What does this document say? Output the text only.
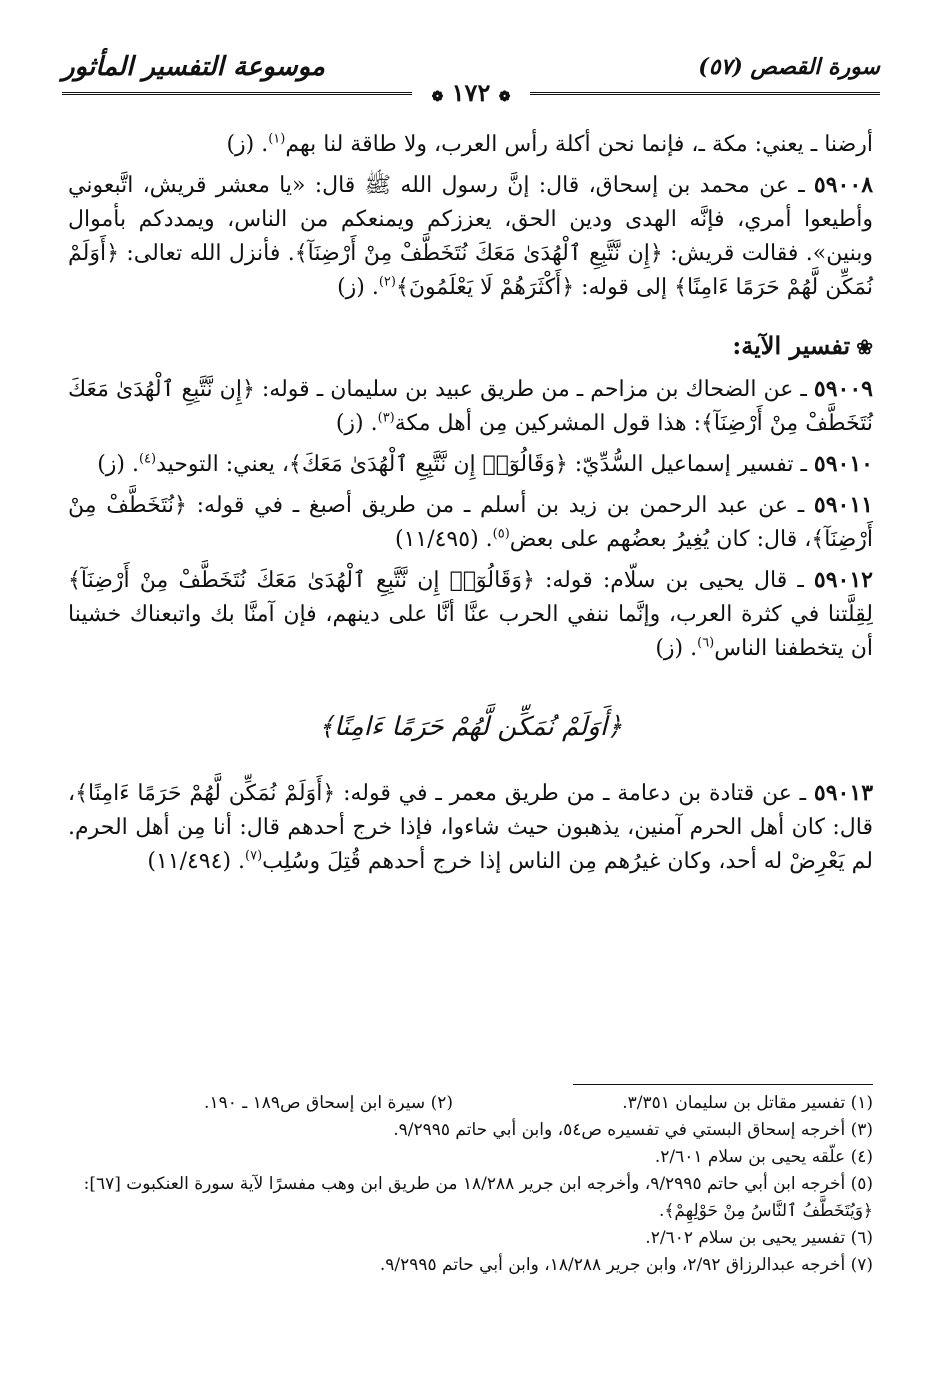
سورة القصص (٥٧)
موسوعة التفسير المأثور
❁ ١٧٢ ❁

أرضنا ـ يعني: مكة ـ، فإنما نحن أكلة رأس العرب، ولا طاقة لنا بهم$^{(١)}$. (ز)

٥٩٠٠٨ ـ عن محمد بن إسحاق، قال: إنَّ رسول الله ﷺ قال: «يا معشر قريش، اتَّبعوني وأطيعوا أمري، فإنَّه الهدى ودين الحق، يعززكم ويمنعكم من الناس، ويمددكم بأموال وبنين». فقالت قريش: ﴿إِن نَّتَّبِعِ ٱلْهُدَىٰ مَعَكَ نُتَخَطَّفْ مِنْ أَرْضِنَآ﴾. فأنزل الله تعالى: ﴿أَوَلَمْ نُمَكِّن لَّهُمْ حَرَمًا ءَامِنًا﴾ إلى قوله: ﴿أَكْثَرَهُمْ لَا يَعْلَمُونَ﴾$^{(٢)}$. (ز)

❀تفسير الآية:

٥٩٠٠٩ ـ عن الضحاك بن مزاحم ـ من طريق عبيد بن سليمان ـ قوله: ﴿إِن نَّتَّبِعِ ٱلْهُدَىٰ مَعَكَ نُتَخَطَّفْ مِنْ أَرْضِنَآ﴾: هذا قول المشركين مِن أهل مكة$^{(٣)}$. (ز)

٥٩٠١٠ ـ تفسير إسماعيل السُّدِّيّ: ﴿وَقَالُوٓا۟ إِن نَّتَّبِعِ ٱلْهُدَىٰ مَعَكَ﴾، يعني: التوحيد$^{(٤)}$. (ز)

٥٩٠١١ ـ عن عبد الرحمن بن زيد بن أسلم ـ من طريق أصبغ ـ في قوله: ﴿نُتَخَطَّفْ مِنْ أَرْضِنَآ﴾، قال: كان يُغِيرُ بعضُهم على بعض$^{(٥)}$. (١١/٤٩٥)

٥٩٠١٢ ـ قال يحيى بن سلّام: قوله: ﴿وَقَالُوٓا۟ إِن نَّتَّبِعِ ٱلْهُدَىٰ مَعَكَ نُتَخَطَّفْ مِنْ أَرْضِنَآ﴾ لِقِلَّتنا في كثرة العرب، وإنَّما ننفي الحرب عنَّا أنَّا على دينهم، فإن آمنَّا بك واتبعناك خشينا أن يتخطفنا الناس$^{(٦)}$. (ز)

﴿أَوَلَمْ نُمَكِّن لَّهُمْ حَرَمًا ءَامِنًا﴾

٥٩٠١٣ ـ عن قتادة بن دعامة ـ من طريق معمر ـ في قوله: ﴿أَوَلَمْ نُمَكِّن لَّهُمْ حَرَمًا ءَامِنًا﴾، قال: كان أهل الحرم آمنين، يذهبون حيث شاءوا، فإذا خرج أحدهم قال: أنا مِن أهل الحرم. لم يَعْرِضْ له أحد، وكان غيرُهم مِن الناس إذا خرج أحدهم قُتِلَ وسُلِب$^{(٧)}$. (١١/٤٩٤)

(١) تفسير مقاتل بن سليمان ٣/٣٥١.

(٢) سيرة ابن إسحاق ص١٨٩ ـ ١٩٠.

(٣) أخرجه إسحاق البستي في تفسيره ص٥٤، وابن أبي حاتم ٩/٢٩٩٥.

(٤) علّقه يحيى بن سلام ٢/٦٠١.

(٥) أخرجه ابن أبي حاتم ٩/٢٩٩٥، وأخرجه ابن جرير ١٨/٢٨٨ من طريق ابن وهب مفسرًا لآية سورة العنكبوت [٦٧]: ﴿وَيُتَخَطَّفُ ٱلنَّاسُ مِنْ حَوْلِهِمْ﴾.

(٦) تفسير يحيى بن سلام ٢/٦٠٢.

(٧) أخرجه عبدالرزاق ٢/٩٢، وابن جرير ١٨/٢٨٨، وابن أبي حاتم ٩/٢٩٩٥.
